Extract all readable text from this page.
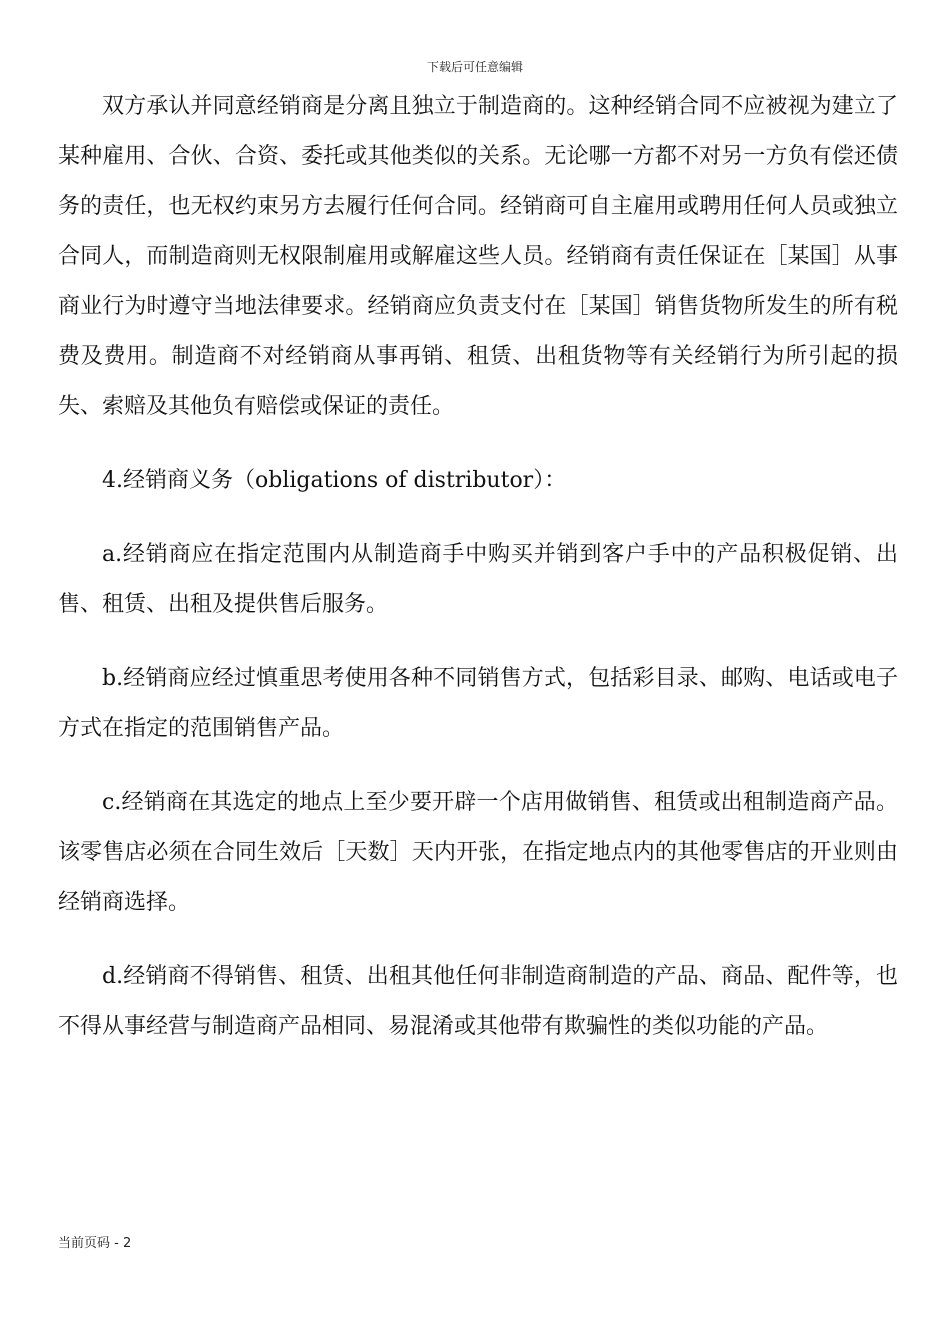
下载后可任意编辑

双方承认并同意经销商是分离且独立于制造商的。这种经销合同不应被视为建立了某种雇用、合伙、合资、委托或其他类似的关系。无论哪一方都不对另一方负有偿还债务的责任，也无权约束另方去履行任何合同。经销商可自主雇用或聘用任何人员或独立合同人，而制造商则无权限制雇用或解雇这些人员。经销商有责任保证在［某国］从事商业行为时遵守当地法律要求。经销商应负责支付在［某国］销售货物所发生的所有税费及费用。制造商不对经销商从事再销、租赁、出租货物等有关经销行为所引起的损失、索赔及其他负有赔偿或保证的责任。

4.经销商义务（obligations of distributor）：

a.经销商应在指定范围内从制造商手中购买并销到客户手中的产品积极促销、出售、租赁、出租及提供售后服务。

b.经销商应经过慎重思考使用各种不同销售方式，包括彩目录、邮购、电话或电子方式在指定的范围销售产品。

c.经销商在其选定的地点上至少要开辟一个店用做销售、租赁或出租制造商产品。该零售店必须在合同生效后［天数］天内开张，在指定地点内的其他零售店的开业则由经销商选择。

d.经销商不得销售、租赁、出租其他任何非制造商制造的产品、商品、配件等，也不得从事经营与制造商产品相同、易混淆或其他带有欺骗性的类似功能的产品。

当前页码 - 2
